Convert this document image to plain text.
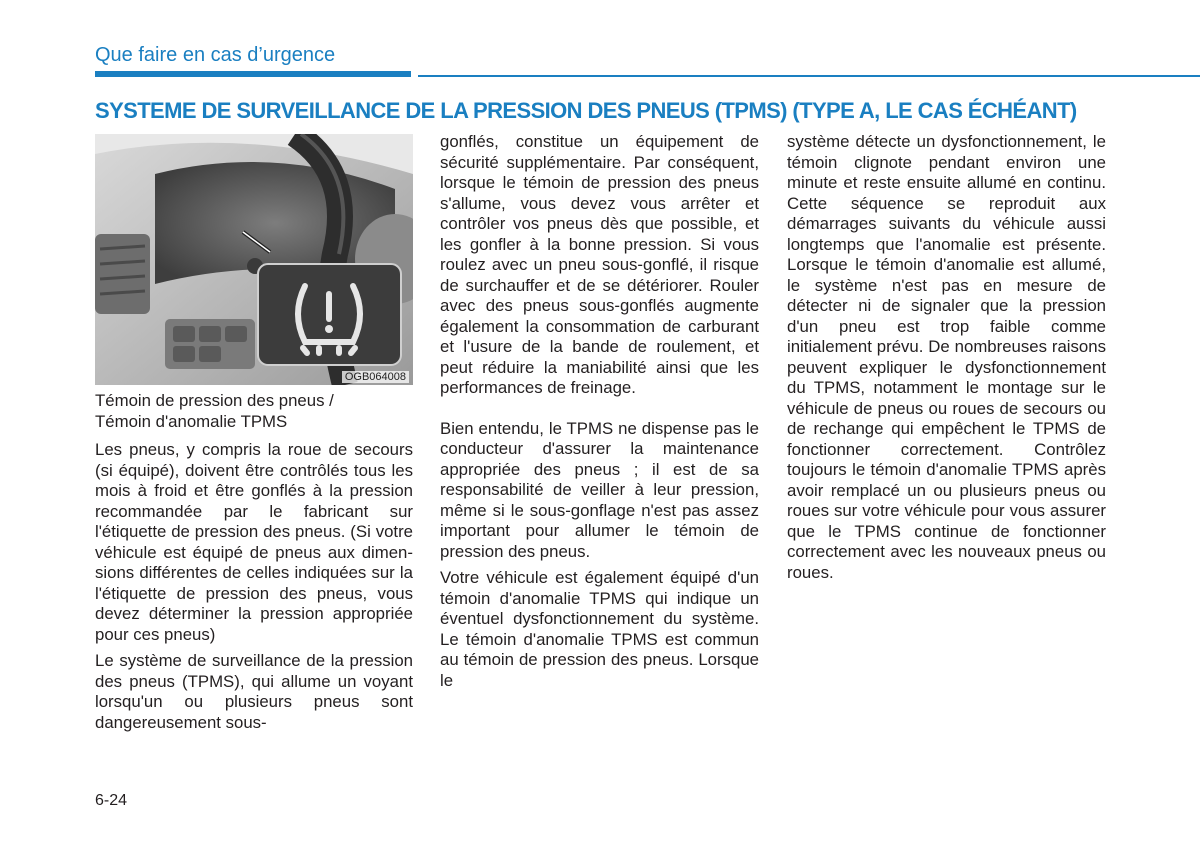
Que faire en cas d’urgence
SYSTEME DE SURVEILLANCE DE LA PRESSION DES PNEUS (TPMS) (TYPE A, LE CAS ÉCHÉANT)
OGB064008

Témoin de pression des pneus /
Témoin d'anomalie TPMS

Les pneus, y compris la roue de secours (si équipé), doivent être contrôlés tous les mois à froid et être gonflés à la pression recommandée par le fabricant sur l'étiquette de pression des pneus. (Si votre véhicule est équipé de pneus aux dimensions différentes de celles indiquées sur la l'étiquette de pression des pneus, vous devez déterminer la pression appropriée pour ces pneus)

Le système de surveillance de la pression des pneus (TPMS), qui allume un voyant lorsqu'un ou plusieurs pneus sont dangereusement sous-

gonflés, constitue un équipement de sécurité supplémentaire. Par conséquent, lorsque le témoin de pression des pneus s'allume, vous devez vous arrêter et contrôler vos pneus dès que possible, et les gonfler à la bonne pression. Si vous roulez avec un pneu sous-gonflé, il risque de surchauffer et de se détériorer. Rouler avec des pneus sous-gonflés augmente également la consommation de carburant et l'usure de la bande de roulement, et peut réduire la maniabilité ainsi que les performances de freinage.

Bien entendu, le TPMS ne dispense pas le conducteur d'assurer la maintenance appropriée des pneus ; il est de sa responsabilité de veiller à leur pression, même si le sous-gonflage n'est pas assez important pour allumer le témoin de pression des pneus.

Votre véhicule est également équipé d'un témoin d'anomalie TPMS qui indique un éventuel dysfonctionnement du système. Le témoin d'anomalie TPMS est commun au témoin de pression des pneus. Lorsque le

système détecte un dysfonctionnement, le témoin clignote pendant environ une minute et reste ensuite allumé en continu. Cette séquence se reproduit aux démarrages suivants du véhicule aussi longtemps que l'anomalie est présente. Lorsque le témoin d'anomalie est allumé, le système n'est pas en mesure de détecter ni de signaler que la pression d'un pneu est trop faible comme initialement prévu. De nombreuses raisons peuvent expliquer le dysfonctionnement du TPMS, notamment le montage sur le véhicule de pneus ou roues de secours ou de rechange qui empêchent le TPMS de fonctionner correctement. Contrôlez toujours le témoin d'anomalie TPMS après avoir remplacé un ou plusieurs pneus ou roues sur votre véhicule pour vous assurer que le TPMS continue de fonctionner correctement avec les nouveaux pneus ou roues.

6-24
